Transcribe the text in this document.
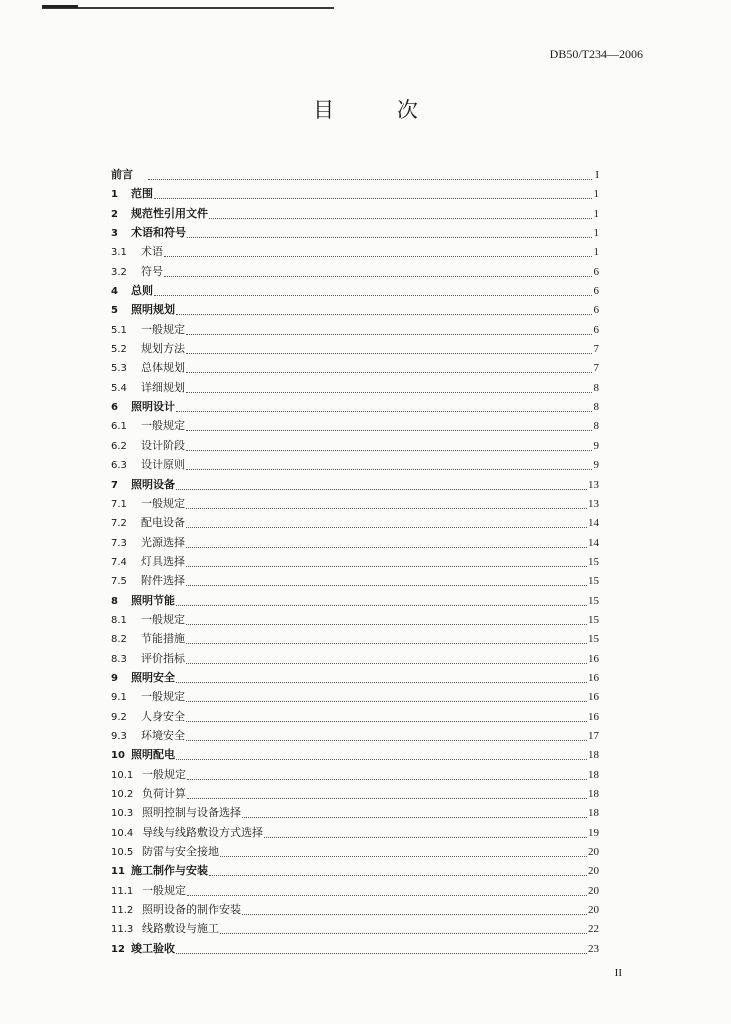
DB50/T234—2006
目 次
前言	I
1	范围	1
2	规范性引用文件	1
3	术语和符号	1
3.1	术语	1
3.2	符号	6
4	总则	6
5	照明规划	6
5.1	一般规定	6
5.2	规划方法	7
5.3	总体规划	7
5.4	详细规划	8
6	照明设计	8
6.1	一般规定	8
6.2	设计阶段	9
6.3	设计原则	9
7	照明设备	13
7.1	一般规定	13
7.2	配电设备	14
7.3	光源选择	14
7.4	灯具选择	15
7.5	附件选择	15
8	照明节能	15
8.1	一般规定	15
8.2	节能措施	15
8.3	评价指标	16
9	照明安全	16
9.1	一般规定	16
9.2	人身安全	16
9.3	环境安全	17
10 照明配电	18
10.1 一般规定	18
10.2 负荷计算	18
10.3 照明控制与设备选择	18
10.4 导线与线路敷设方式选择	19
10.5 防雷与安全接地	20
11 施工制作与安装	20
11.1 一般规定	20
11.2 照明设备的制作安装	20
11.3 线路敷设与施工	22
12 竣工验收	23
II
